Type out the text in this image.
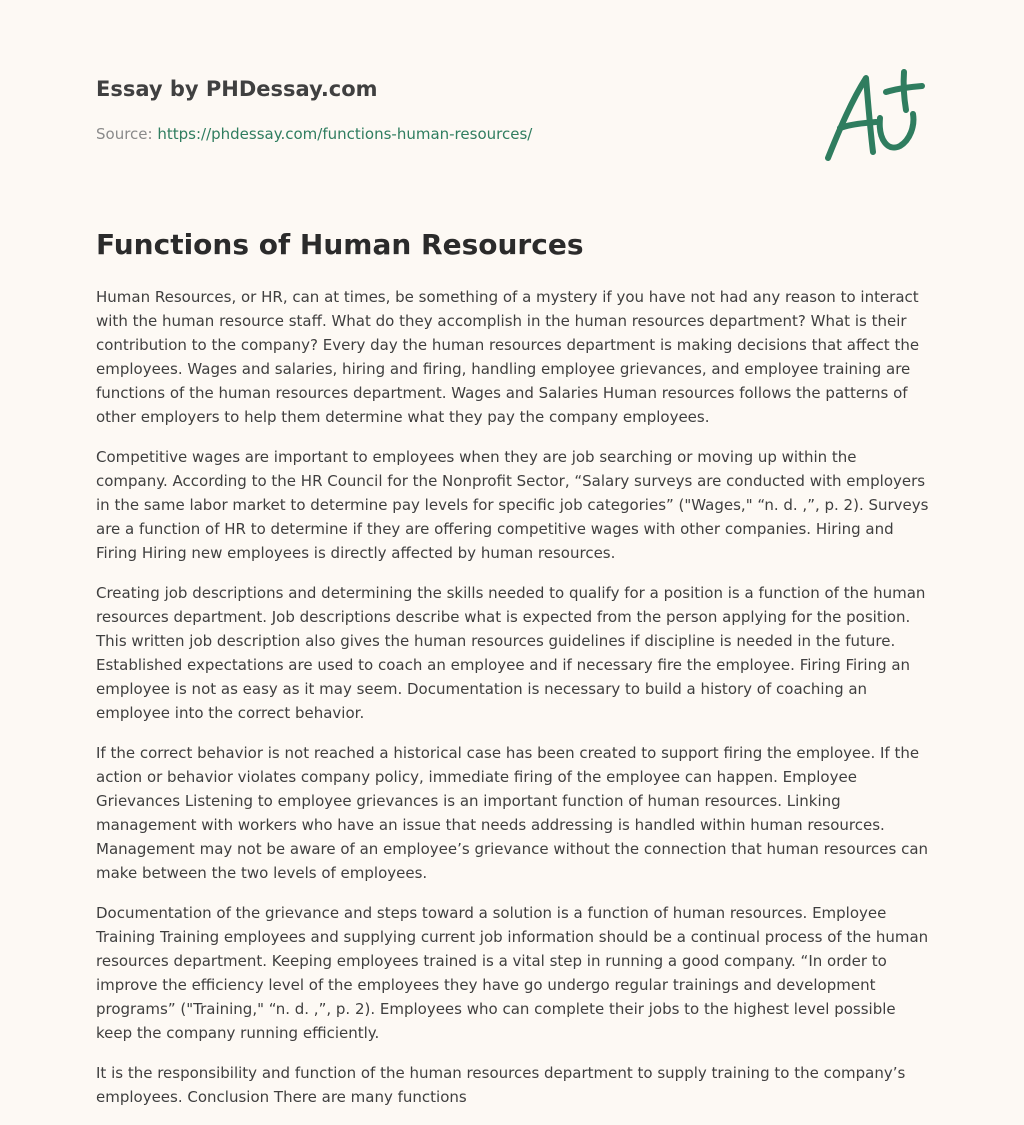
Essay by PHDessay.com
Source: https://phdessay.com/functions-human-resources/
Functions of Human Resources

Human Resources, or HR, can at times, be something of a mystery if you have not had any reason to interact with the human resource staff. What do they accomplish in the human resources department? What is their contribution to the company? Every day the human resources department is making decisions that affect the employees. Wages and salaries, hiring and firing, handling employee grievances, and employee training are functions of the human resources department. Wages and Salaries Human resources follows the patterns of other employers to help them determine what they pay the company employees.

Competitive wages are important to employees when they are job searching or moving up within the company. According to the HR Council for the Nonprofit Sector, “Salary surveys are conducted with employers in the same labor market to determine pay levels for specific job categories” ("Wages," “n. d. ,”, p. 2). Surveys are a function of HR to determine if they are offering competitive wages with other companies. Hiring and Firing Hiring new employees is directly affected by human resources.

Creating job descriptions and determining the skills needed to qualify for a position is a function of the human resources department. Job descriptions describe what is expected from the person applying for the position. This written job description also gives the human resources guidelines if discipline is needed in the future. Established expectations are used to coach an employee and if necessary fire the employee. Firing Firing an employee is not as easy as it may seem. Documentation is necessary to build a history of coaching an employee into the correct behavior.

If the correct behavior is not reached a historical case has been created to support firing the employee. If the action or behavior violates company policy, immediate firing of the employee can happen. Employee Grievances Listening to employee grievances is an important function of human resources. Linking management with workers who have an issue that needs addressing is handled within human resources. Management may not be aware of an employee’s grievance without the connection that human resources can make between the two levels of employees.

Documentation of the grievance and steps toward a solution is a function of human resources. Employee Training Training employees and supplying current job information should be a continual process of the human resources department. Keeping employees trained is a vital step in running a good company. “In order to improve the efficiency level of the employees they have go undergo regular trainings and development programs” ("Training," “n. d. ,”, p. 2). Employees who can complete their jobs to the highest level possible keep the company running efficiently.

It is the responsibility and function of the human resources department to supply training to the company’s employees. Conclusion There are many functions
